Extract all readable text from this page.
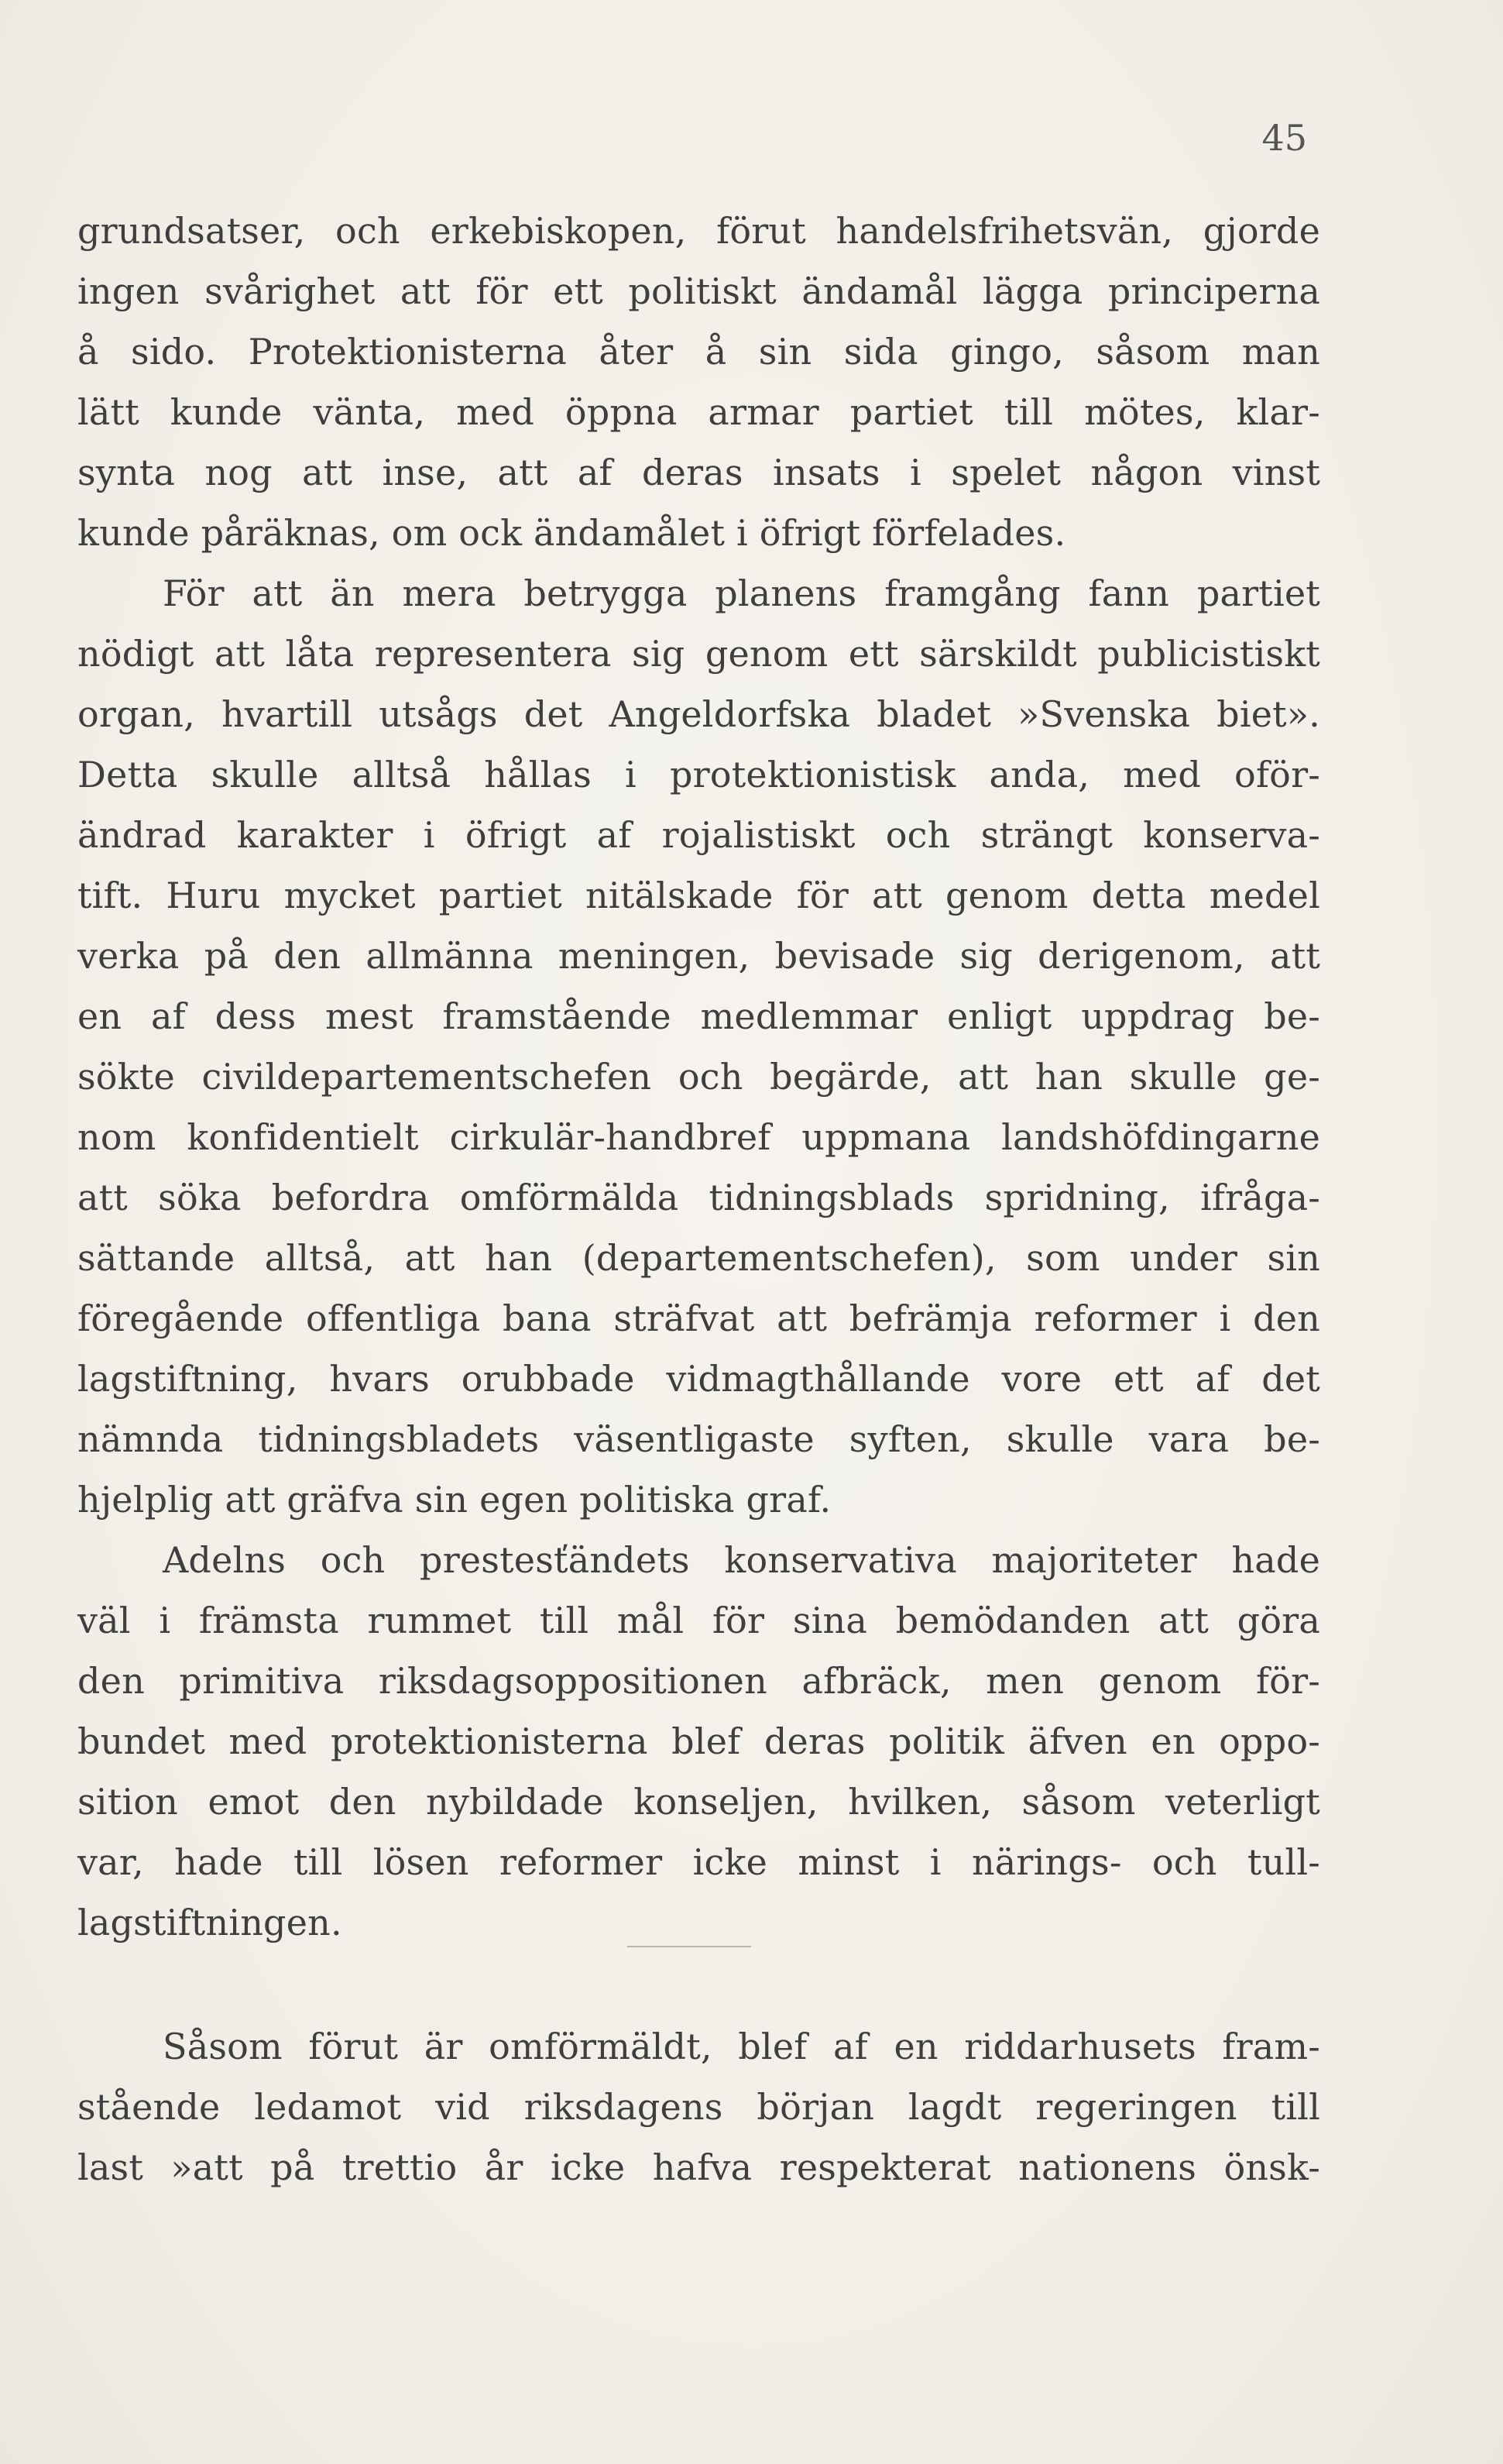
45
grundsatser, och erkebiskopen, förut handelsfrihetsvän, gjorde
ingen svårighet att för ett politiskt ändamål lägga principerna
å sido. Protektionisterna åter å sin sida gingo, såsom man
lätt kunde vänta, med öppna armar partiet till mötes, klar-
synta nog att inse, att af deras insats i spelet någon vinst
kunde påräknas, om ock ändamålet i öfrigt förfelades.
För att än mera betrygga planens framgång fann partiet
nödigt att låta representera sig genom ett särskildt publicistiskt
organ, hvartill utsågs det Angeldorfska bladet »Svenska biet».
Detta skulle alltså hållas i protektionistisk anda, med oför-
ändrad karakter i öfrigt af rojalistiskt och strängt konserva-
tift. Huru mycket partiet nitälskade för att genom detta medel
verka på den allmänna meningen, bevisade sig derigenom, att
en af dess mest framstående medlemmar enligt uppdrag be-
sökte civildepartementschefen och begärde, att han skulle ge-
nom konfidentielt cirkulär-handbref uppmana landshöfdingarne
att söka befordra omförmälda tidningsblads spridning, ifråga-
sättande alltså, att han (departementschefen), som under sin
föregående offentliga bana sträfvat att befrämja reformer i den
lagstiftning, hvars orubbade vidmagthållande vore ett af det
nämnda tidningsbladets väsentligaste syften, skulle vara be-
hjelplig att gräfva sin egen politiska graf.
Adelns och prestesťändets konservativa majoriteter hade
väl i främsta rummet till mål för sina bemödanden att göra
den primitiva riksdagsoppositionen afbräck, men genom för-
bundet med protektionisterna blef deras politik äfven en oppo-
sition emot den nybildade konseljen, hvilken, såsom veterligt
var, hade till lösen reformer icke minst i närings- och tull-
lagstiftningen.
Såsom förut är omförmäldt, blef af en riddarhusets fram-
stående ledamot vid riksdagens början lagdt regeringen till
last »att på trettio år icke hafva respekterat nationens önsk-
